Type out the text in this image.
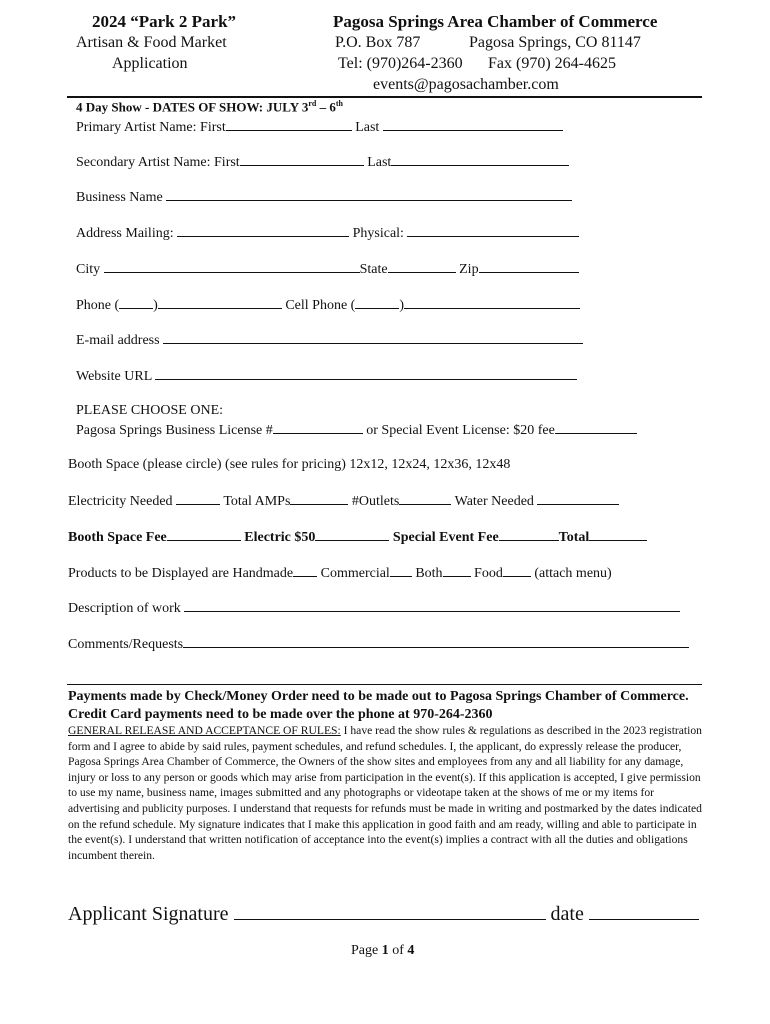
2024 “Park 2 Park”
Artisan & Food Market
Application
Pagosa Springs Area Chamber of Commerce
P.O. Box 787	Pagosa Springs, CO 81147
Tel: (970)264-2360 Fax (970) 264-4625
events@pagosachamber.com
4 Day Show - DATES OF SHOW: JULY 3rd – 6th
Primary Artist Name: First	Last
Secondary Artist Name: First	Last
Business Name
Address Mailing:	Physical:
City	State	Zip
Phone ( )	Cell Phone (	)
E-mail address
Website URL
PLEASE CHOOSE ONE:
Pagosa Springs Business License #	or Special Event License: $20 fee
Booth Space (please circle) (see rules for pricing) 12x12, 12x24, 12x36, 12x48
Electricity Needed	Total AMPs	#Outlets	Water Needed
Booth Space Fee	Electric $50	Special Event Fee	Total
Products to be Displayed are Handmade Commercial Both Food (attach menu)
Description of work
Comments/Requests
Payments made by Check/Money Order need to be made out to Pagosa Springs Chamber of Commerce. Credit Card payments need to be made over the phone at 970-264-2360
GENERAL RELEASE AND ACCEPTANCE OF RULES: I have read the show rules & regulations as described in the 2023 registration form and I agree to abide by said rules, payment schedules, and refund schedules. I, the applicant, do expressly release the producer, Pagosa Springs Area Chamber of Commerce, the Owners of the show sites and employees from any and all liability for any damage, injury or loss to any person or goods which may arise from participation in the event(s). If this application is accepted, I give permission to use my name, business name, images submitted and any photographs or videotape taken at the shows of me or my items for advertising and publicity purposes. I understand that requests for refunds must be made in writing and postmarked by the dates indicated on the refund schedule. My signature indicates that I make this application in good faith and am ready, willing and able to participate in the event(s). I understand that written notification of acceptance into the event(s) implies a contract with all the duties and obligations incumbent therein.
Applicant Signature	date
Page 1 of 4
